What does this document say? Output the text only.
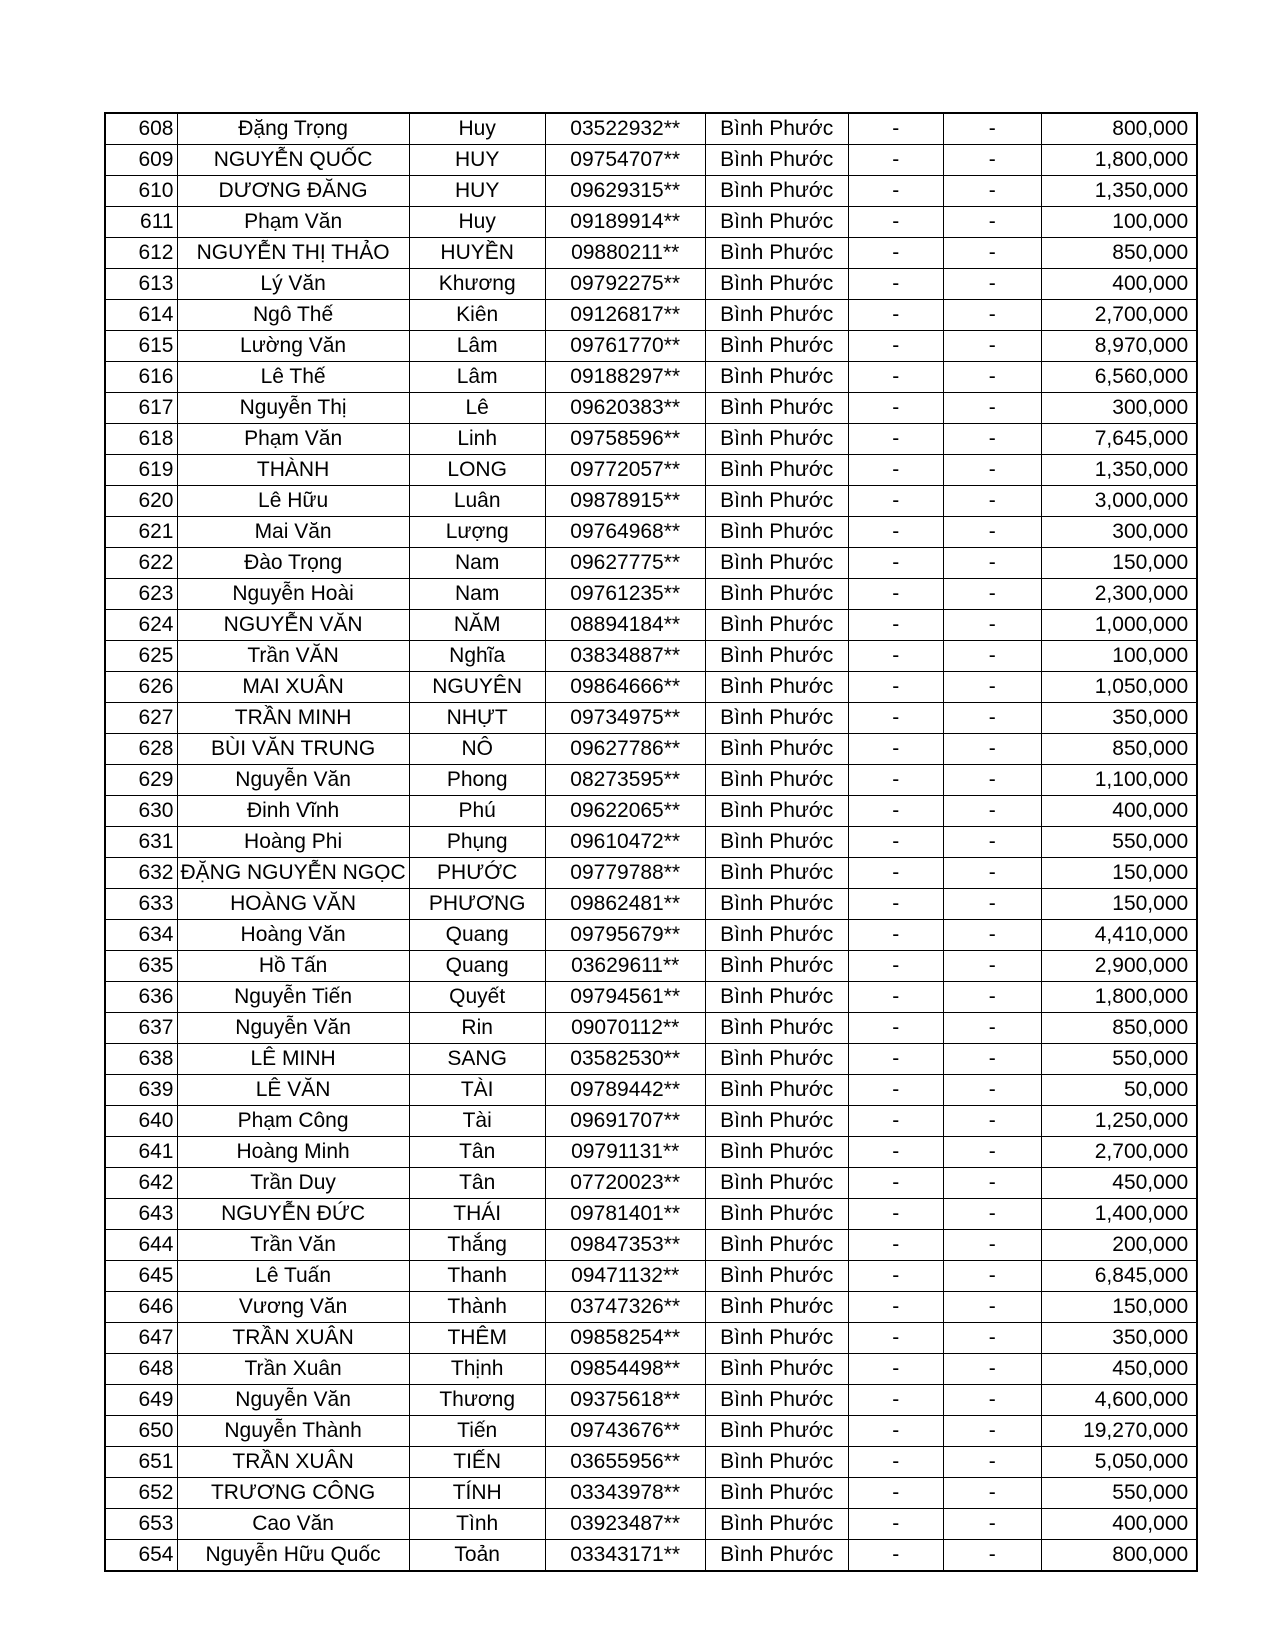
608	Đặng Trọng	Huy	03522932**	Bình Phước	-	-	800,000
609	NGUYỄN QUỐC	HUY	09754707**	Bình Phước	-	-	1,800,000
610	DƯƠNG ĐĂNG	HUY	09629315**	Bình Phước	-	-	1,350,000
611	Phạm Văn	Huy	09189914**	Bình Phước	-	-	100,000
612	NGUYỄN THỊ THẢO	HUYỀN	09880211**	Bình Phước	-	-	850,000
613	Lý Văn	Khương	09792275**	Bình Phước	-	-	400,000
614	Ngô Thế	Kiên	09126817**	Bình Phước	-	-	2,700,000
615	Lường Văn	Lâm	09761770**	Bình Phước	-	-	8,970,000
616	Lê Thế	Lâm	09188297**	Bình Phước	-	-	6,560,000
617	Nguyễn Thị	Lê	09620383**	Bình Phước	-	-	300,000
618	Phạm Văn	Linh	09758596**	Bình Phước	-	-	7,645,000
619	THÀNH	LONG	09772057**	Bình Phước	-	-	1,350,000
620	Lê Hữu	Luân	09878915**	Bình Phước	-	-	3,000,000
621	Mai Văn	Lượng	09764968**	Bình Phước	-	-	300,000
622	Đào Trọng	Nam	09627775**	Bình Phước	-	-	150,000
623	Nguyễn Hoài	Nam	09761235**	Bình Phước	-	-	2,300,000
624	NGUYỄN VĂN	NĂM	08894184**	Bình Phước	-	-	1,000,000
625	Trần VĂN	Nghĩa	03834887**	Bình Phước	-	-	100,000
626	MAI XUÂN	NGUYÊN	09864666**	Bình Phước	-	-	1,050,000
627	TRẦN MINH	NHỰT	09734975**	Bình Phước	-	-	350,000
628	BÙI VĂN TRUNG	NÔ	09627786**	Bình Phước	-	-	850,000
629	Nguyễn Văn	Phong	08273595**	Bình Phước	-	-	1,100,000
630	Đinh Vĩnh	Phú	09622065**	Bình Phước	-	-	400,000
631	Hoàng Phi	Phụng	09610472**	Bình Phước	-	-	550,000
632	ĐẶNG NGUYỄN NGỌC	PHƯỚC	09779788**	Bình Phước	-	-	150,000
633	HOÀNG VĂN	PHƯƠNG	09862481**	Bình Phước	-	-	150,000
634	Hoàng Văn	Quang	09795679**	Bình Phước	-	-	4,410,000
635	Hồ Tấn	Quang	03629611**	Bình Phước	-	-	2,900,000
636	Nguyễn Tiến	Quyết	09794561**	Bình Phước	-	-	1,800,000
637	Nguyễn Văn	Rin	09070112**	Bình Phước	-	-	850,000
638	LÊ MINH	SANG	03582530**	Bình Phước	-	-	550,000
639	LÊ VĂN	TÀI	09789442**	Bình Phước	-	-	50,000
640	Phạm Công	Tài	09691707**	Bình Phước	-	-	1,250,000
641	Hoàng Minh	Tân	09791131**	Bình Phước	-	-	2,700,000
642	Trần Duy	Tân	07720023**	Bình Phước	-	-	450,000
643	NGUYỄN ĐỨC	THÁI	09781401**	Bình Phước	-	-	1,400,000
644	Trần Văn	Thắng	09847353**	Bình Phước	-	-	200,000
645	Lê Tuấn	Thanh	09471132**	Bình Phước	-	-	6,845,000
646	Vương Văn	Thành	03747326**	Bình Phước	-	-	150,000
647	TRẦN XUÂN	THÊM	09858254**	Bình Phước	-	-	350,000
648	Trần Xuân	Thịnh	09854498**	Bình Phước	-	-	450,000
649	Nguyễn Văn	Thương	09375618**	Bình Phước	-	-	4,600,000
650	Nguyễn Thành	Tiến	09743676**	Bình Phước	-	-	19,270,000
651	TRẦN XUÂN	TIẾN	03655956**	Bình Phước	-	-	5,050,000
652	TRƯƠNG CÔNG	TÍNH	03343978**	Bình Phước	-	-	550,000
653	Cao Văn	Tình	03923487**	Bình Phước	-	-	400,000
654	Nguyễn Hữu Quốc	Toản	03343171**	Bình Phước	-	-	800,000
